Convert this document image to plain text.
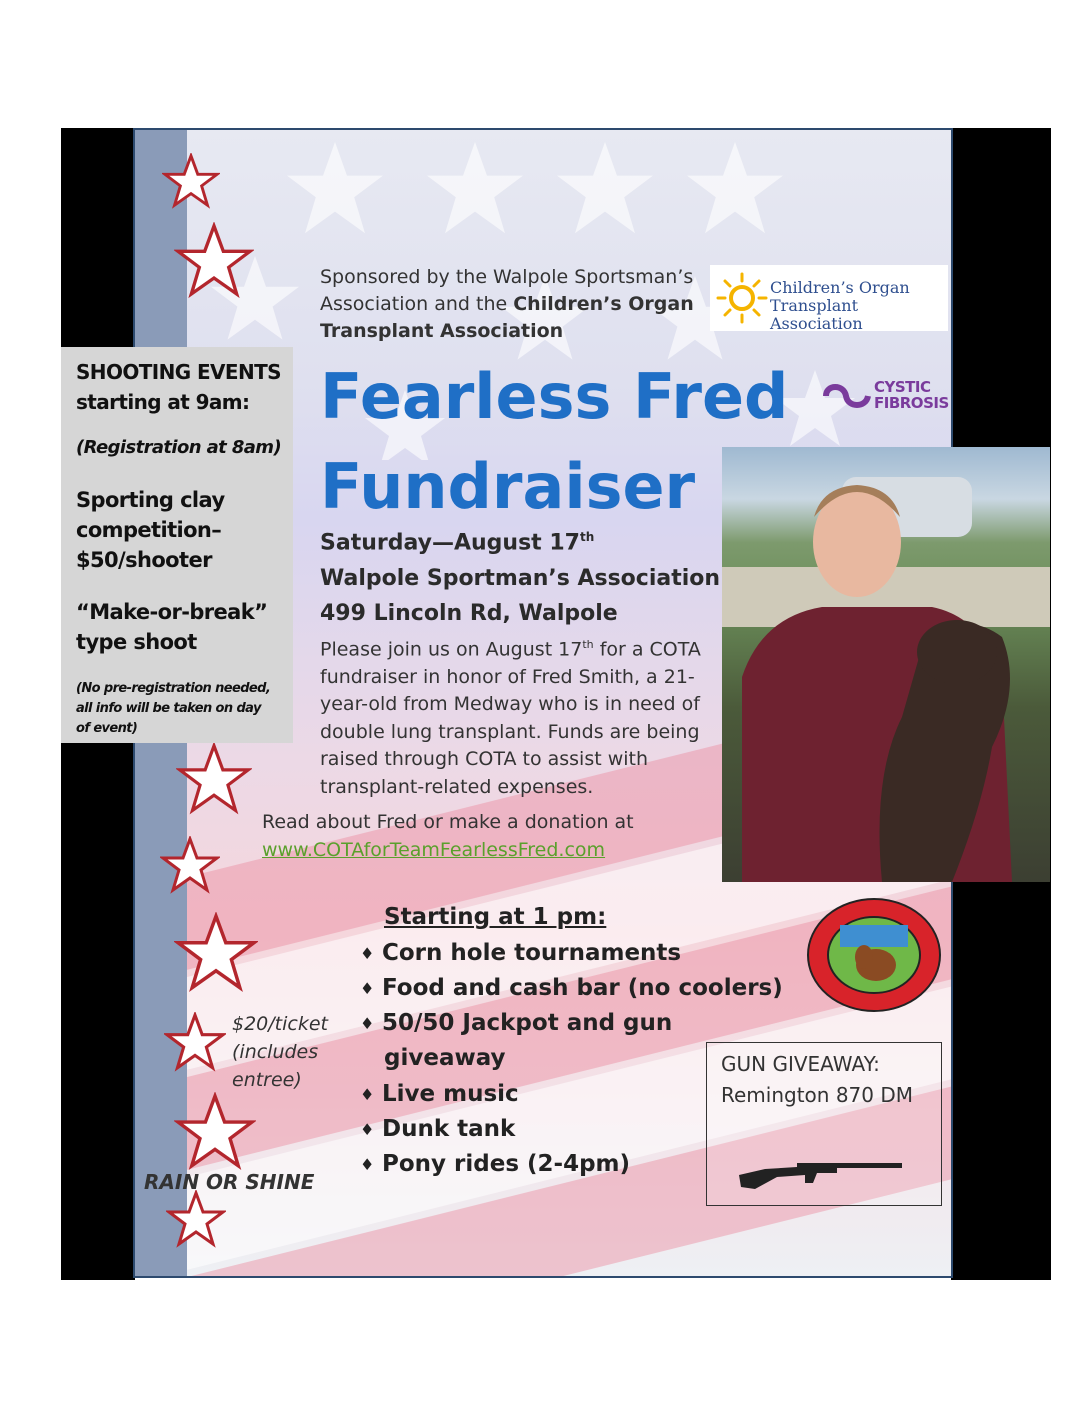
Sponsored by the Walpole Sportsman’s
Association and the Children’s Organ
Transplant Association
Children’s Organ
Transplant Association
CYSTIC
FIBROSIS
Fearless Fred
Fundraiser
Saturday—August 17th
Walpole Sportman’s Association
499 Lincoln Rd, Walpole
Please join us on August 17th for a COTA
fundraiser in honor of Fred Smith, a 21-
year-old from Medway who is in need of
double lung transplant. Funds are being
raised through COTA to assist with
transplant-related expenses.
Read about Fred or make a donation at
www.COTAforTeamFearlessFred.com
SHOOTING EVENTS
starting at 9am:
(Registration at 8am)
Sporting clay
competition–
$50/shooter
“Make-or-break”
type shoot
(No pre-registration needed,
all info will be taken on day
of event)
Starting at 1 pm:
♦ Corn hole tournaments
♦ Food and cash bar (no coolers)
♦ 50/50 Jackpot and gun
giveaway
♦ Live music
♦ Dunk tank
♦ Pony rides (2-4pm)
$20/ticket
(includes
entree)
RAIN OR SHINE
GUN GIVEAWAY:
Remington 870 DM
